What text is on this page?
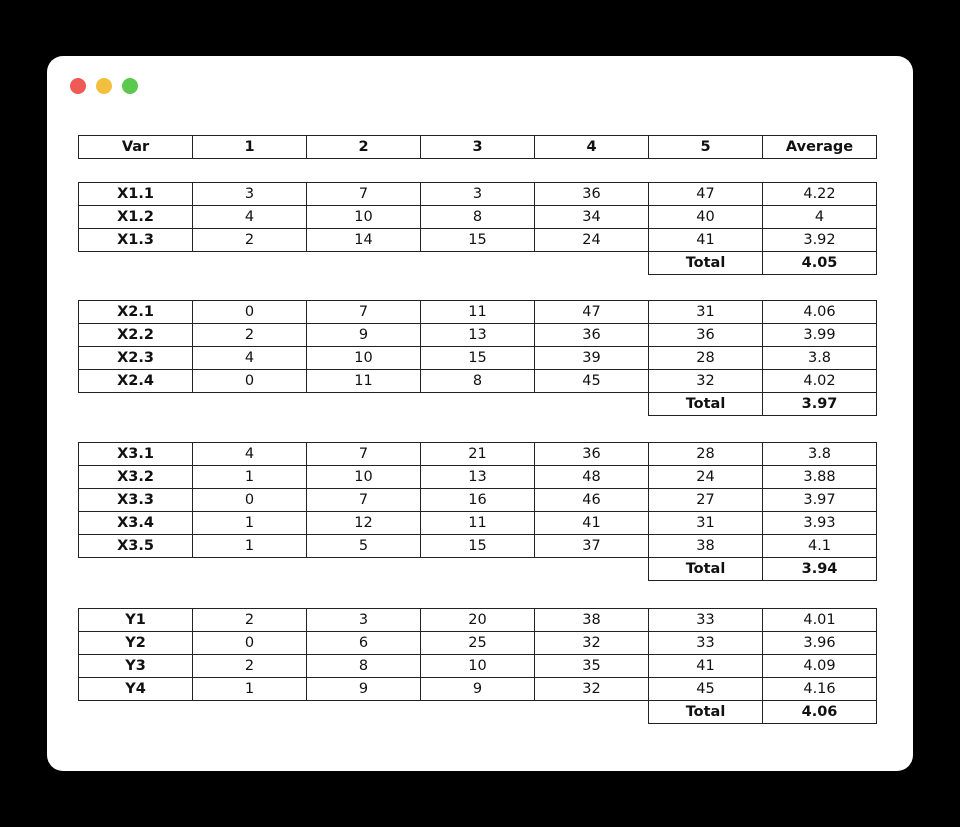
Var	1	2	3	4	5	Average
X1.1	3	7	3	36	47	4.22
X1.2	4	10	8	34	40	4
X1.3	2	14	15	24	41	3.92
					Total	4.05
X2.1	0	7	11	47	31	4.06
X2.2	2	9	13	36	36	3.99
X2.3	4	10	15	39	28	3.8
X2.4	0	11	8	45	32	4.02
					Total	3.97
X3.1	4	7	21	36	28	3.8
X3.2	1	10	13	48	24	3.88
X3.3	0	7	16	46	27	3.97
X3.4	1	12	11	41	31	3.93
X3.5	1	5	15	37	38	4.1
					Total	3.94
Y1	2	3	20	38	33	4.01
Y2	0	6	25	32	33	3.96
Y3	2	8	10	35	41	4.09
Y4	1	9	9	32	45	4.16
					Total	4.06
